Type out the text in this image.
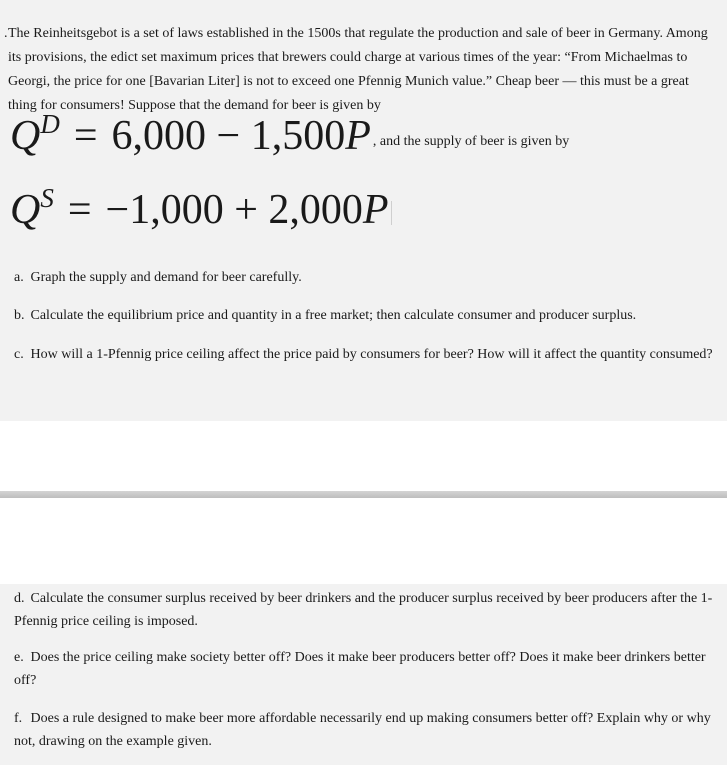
. The Reinheitsgebot is a set of laws established in the 1500s that regulate the production and sale of beer in Germany. Among its provisions, the edict set maximum prices that brewers could charge at various times of the year: “From Michaelmas to Georgi, the price for one [Bavarian Liter] is not to exceed one Pfennig Munich value.” Cheap beer — this must be a great thing for consumers! Suppose that the demand for beer is given by

$Q^D = 6,000 - 1,500P$ , and the supply of beer is given by
$Q^S = -1,000 + 2,000P$

a. Graph the supply and demand for beer carefully.

b. Calculate the equilibrium price and quantity in a free market; then calculate consumer and producer surplus.

c. How will a 1-Pfennig price ceiling affect the price paid by consumers for beer? How will it affect the quantity consumed?

d. Calculate the consumer surplus received by beer drinkers and the producer surplus received by beer producers after the 1-Pfennig price ceiling is imposed.

e. Does the price ceiling make society better off? Does it make beer producers better off? Does it make beer drinkers better off?

f. Does a rule designed to make beer more affordable necessarily end up making consumers better off? Explain why or why not, drawing on the example given.
